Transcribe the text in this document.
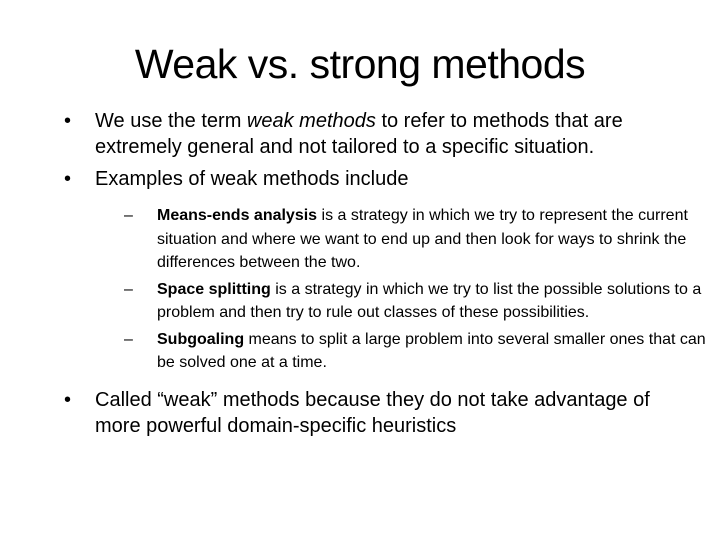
Weak vs. strong methods
• We use the term weak methods to refer to methods that are extremely general and not tailored to a specific situation.
• Examples of weak methods include
– Means-ends analysis is a strategy in which we try to represent the current situation and where we want to end up and then look for ways to shrink the differences between the two.
– Space splitting is a strategy in which we try to list the possible solutions to a problem and then try to rule out classes of these possibilities.
– Subgoaling means to split a large problem into several smaller ones that can be solved one at a time.
• Called “weak” methods because they do not take advantage of more powerful domain-specific heuristics
